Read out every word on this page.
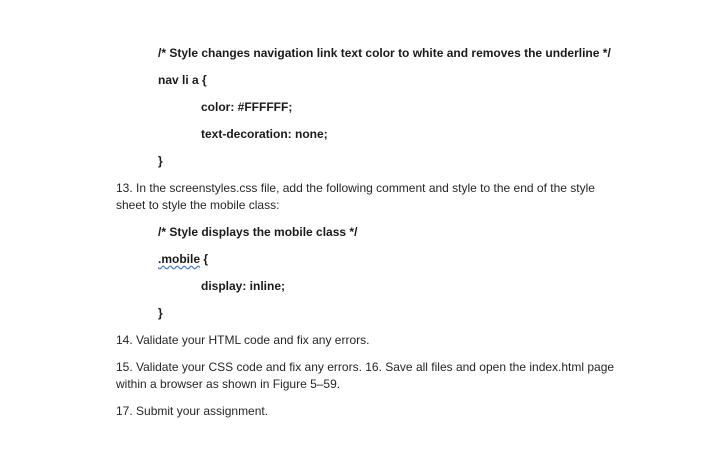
/* Style changes navigation link text color to white and removes the underline */
nav li a {
color: #FFFFFF;
text-decoration: none;
}
13. In the screenstyles.css file, add the following comment and style to the end of the style
sheet to style the mobile class:
/* Style displays the mobile class */
.mobile {
display: inline;
}
14. Validate your HTML code and fix any errors.
15. Validate your CSS code and fix any errors. 16. Save all files and open the index.html page
within a browser as shown in Figure 5–59.
17. Submit your assignment.
